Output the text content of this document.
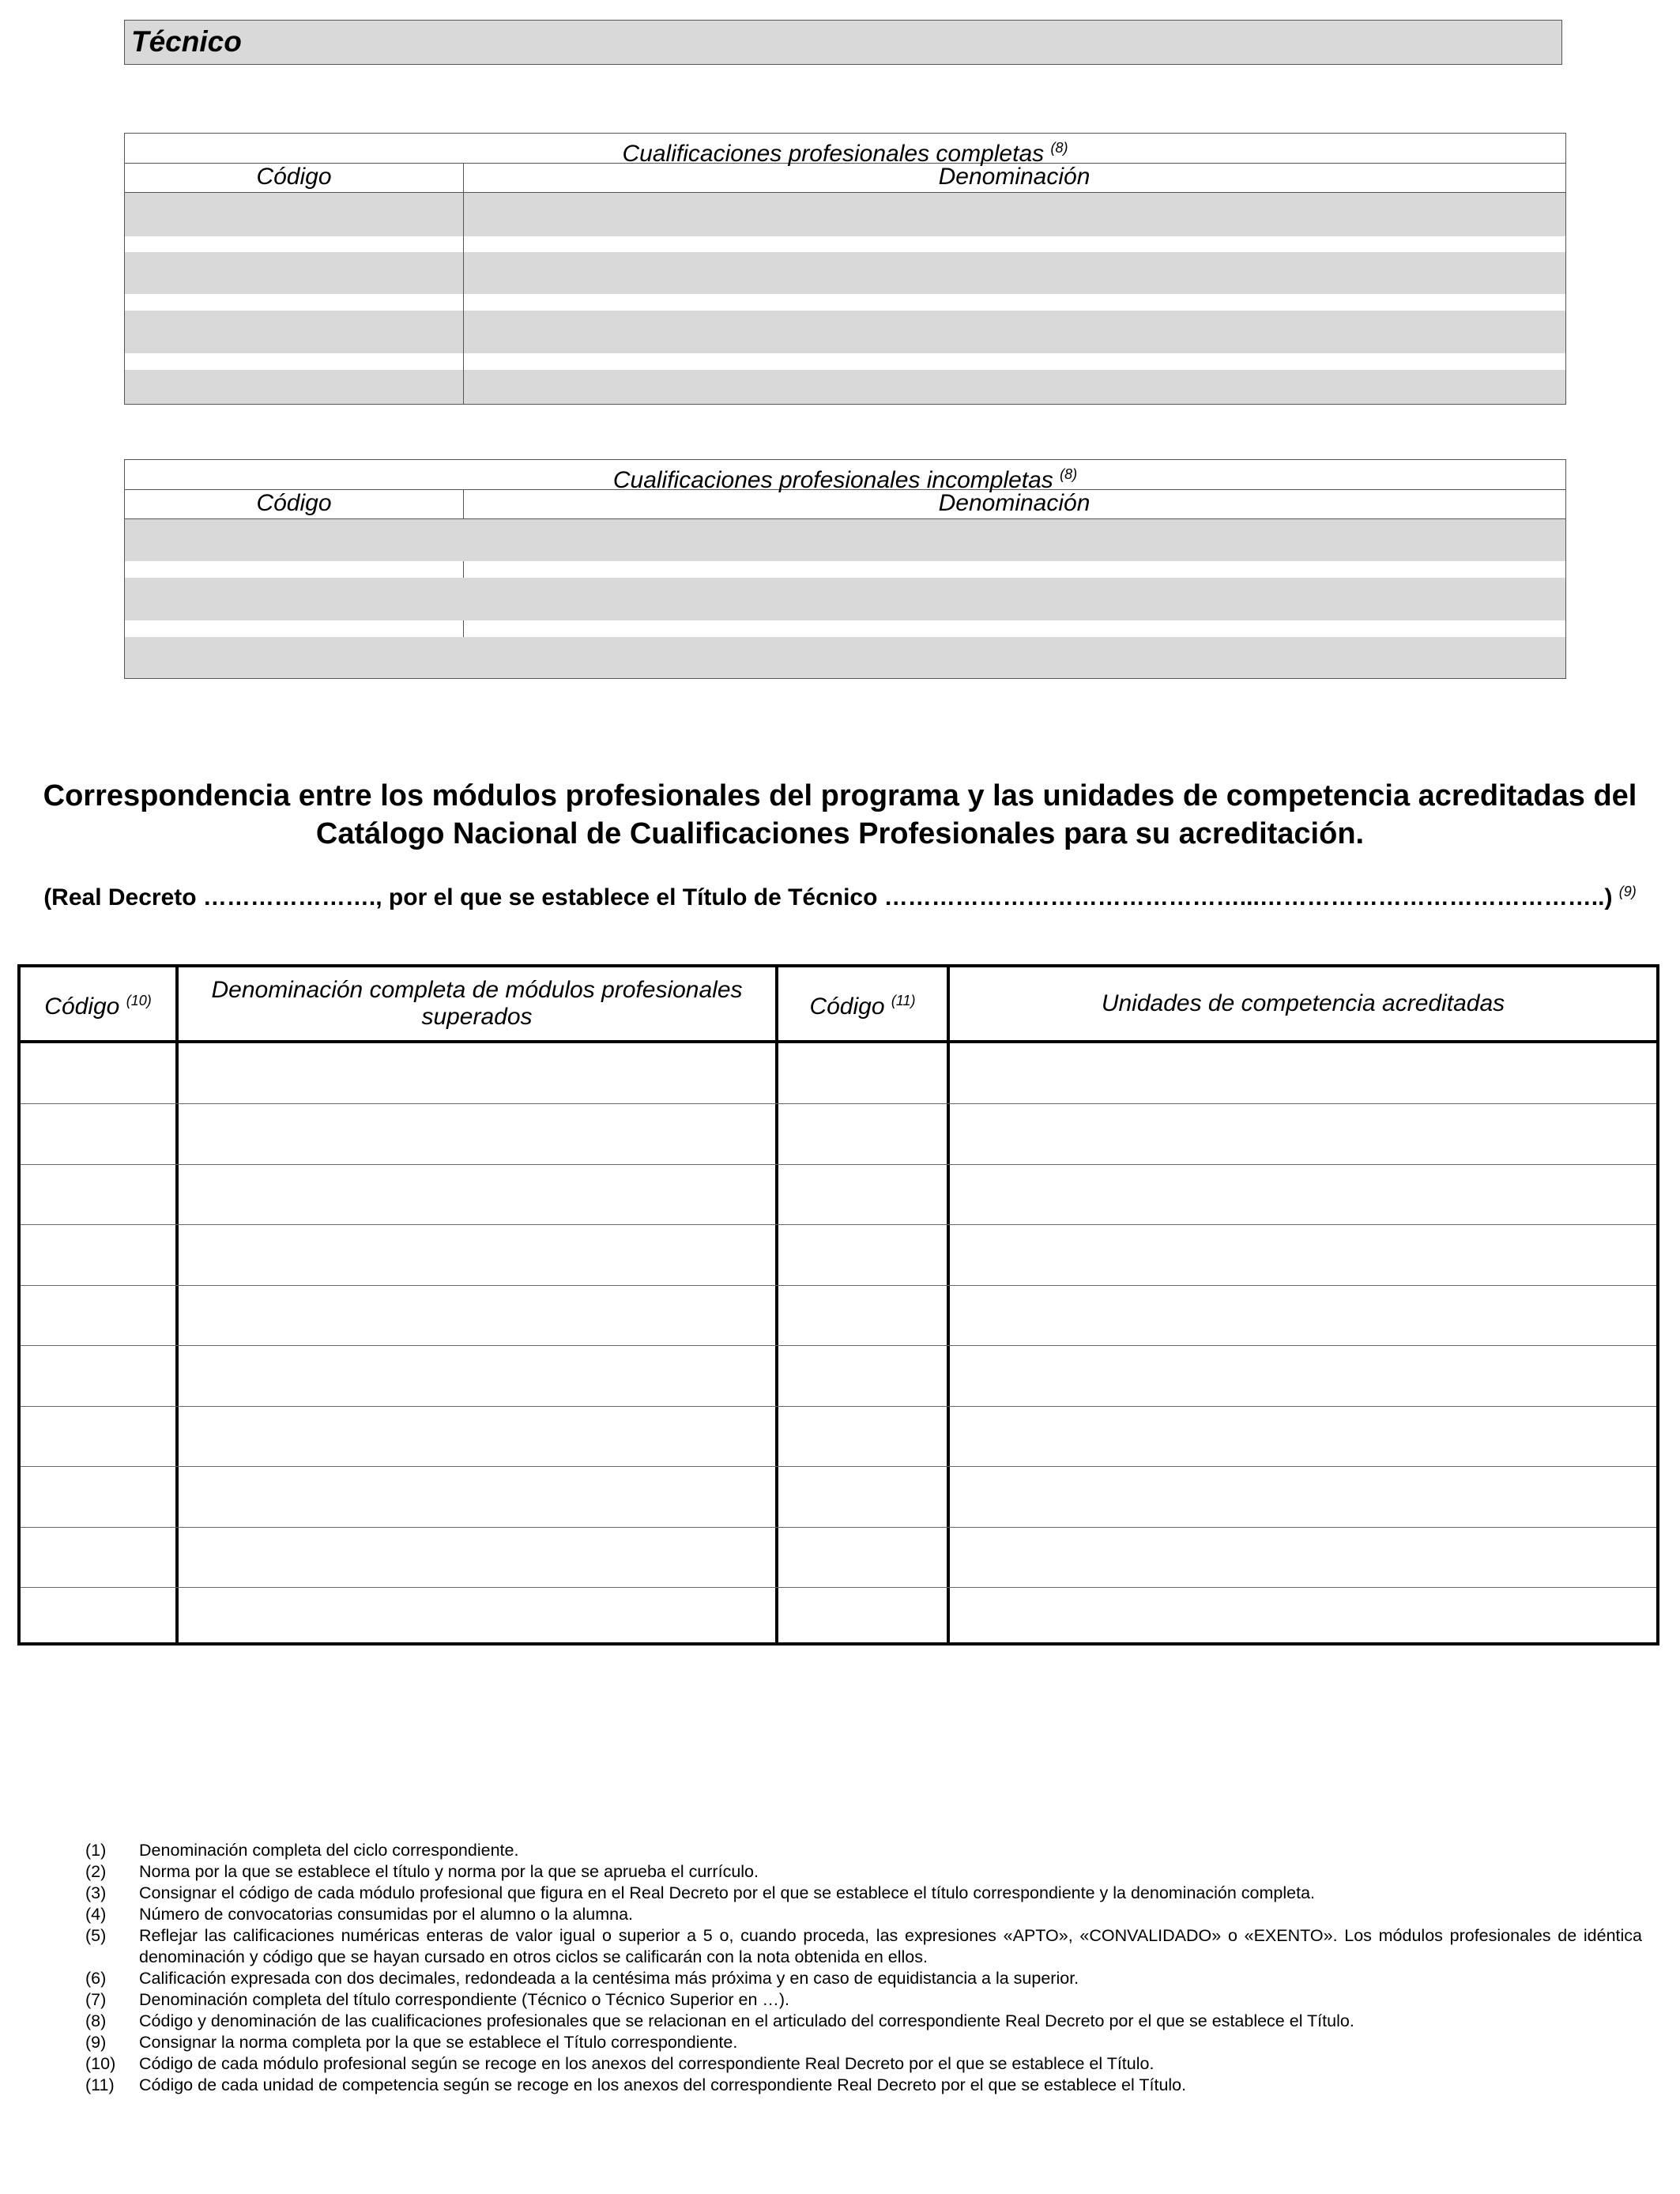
Técnico
Cualificaciones profesionales completas $^{(8)}$
Código	Denominación
Cualificaciones profesionales incompletas $^{(8)}$
Código	Denominación
Correspondencia entre los módulos profesionales del programa y las unidades de competencia acreditadas del Catálogo Nacional de Cualificaciones Profesionales para su acreditación.
(Real Decreto …………………., por el que se establece el Título de Técnico ………………………………………...……………………………………..) $^{(9)}$
Código $^{(10)}$	Denominación completa de módulos profesionales superados	Código $^{(11)}$	Unidades de competencia acreditadas
(1)	Denominación completa del ciclo correspondiente.
(2)	Norma por la que se establece el título y norma por la que se aprueba el currículo.
(3)	Consignar el código de cada módulo profesional que figura en el Real Decreto por el que se establece el título correspondiente y la denominación completa.
(4)	Número de convocatorias consumidas por el alumno o la alumna.
(5)	Reflejar las calificaciones numéricas enteras de valor igual o superior a 5 o, cuando proceda, las expresiones «APTO», «CONVALIDADO» o «EXENTO». Los módulos profesionales de idéntica denominación y código que se hayan cursado en otros ciclos se calificarán con la nota obtenida en ellos.
(6)	Calificación expresada con dos decimales, redondeada a la centésima más próxima y en caso de equidistancia a la superior.
(7)	Denominación completa del título correspondiente (Técnico o Técnico Superior en …).
(8)	Código y denominación de las cualificaciones profesionales que se relacionan en el articulado del correspondiente Real Decreto por el que se establece el Título.
(9)	Consignar la norma completa por la que se establece el Título correspondiente.
(10)	Código de cada módulo profesional según se recoge en los anexos del correspondiente Real Decreto por el que se establece el Título.
(11)	Código de cada unidad de competencia según se recoge en los anexos del correspondiente Real Decreto por el que se establece el Título.
